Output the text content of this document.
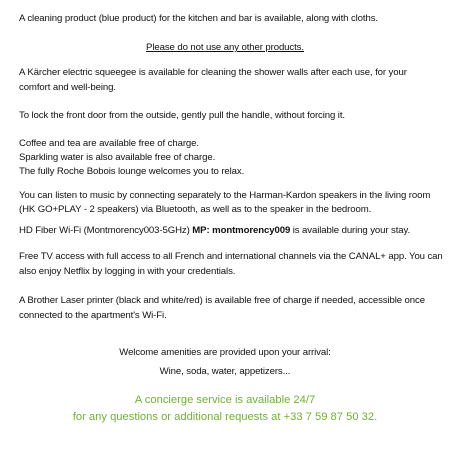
A cleaning product (blue product) for the kitchen and bar is available, along with cloths.
Please do not use any other products.
A Kärcher electric squeegee is available for cleaning the shower walls after each use, for your
comfort and well-being.
To lock the front door from the outside, gently pull the handle, without forcing it.
Coffee and tea are available free of charge.
Sparkling water is also available free of charge.
The fully Roche Bobois lounge welcomes you to relax.
You can listen to music by connecting separately to the Harman-Kardon speakers in the living room
(HK GO+PLAY - 2 speakers) via Bluetooth, as well as to the speaker in the bedroom.
HD Fiber Wi-Fi (Montmorency003-5GHz) MP: montmorency009 is available during your stay.
Free TV access with full access to all French and international channels via the CANAL+ app. You can
also enjoy Netflix by logging in with your credentials.
A Brother Laser printer (black and white/red) is available free of charge if needed, accessible once
connected to the apartment's Wi-Fi.
Welcome amenities are provided upon your arrival:
Wine, soda, water, appetizers...
A concierge service is available 24/7
for any questions or additional requests at +33 7 59 87 50 32.
